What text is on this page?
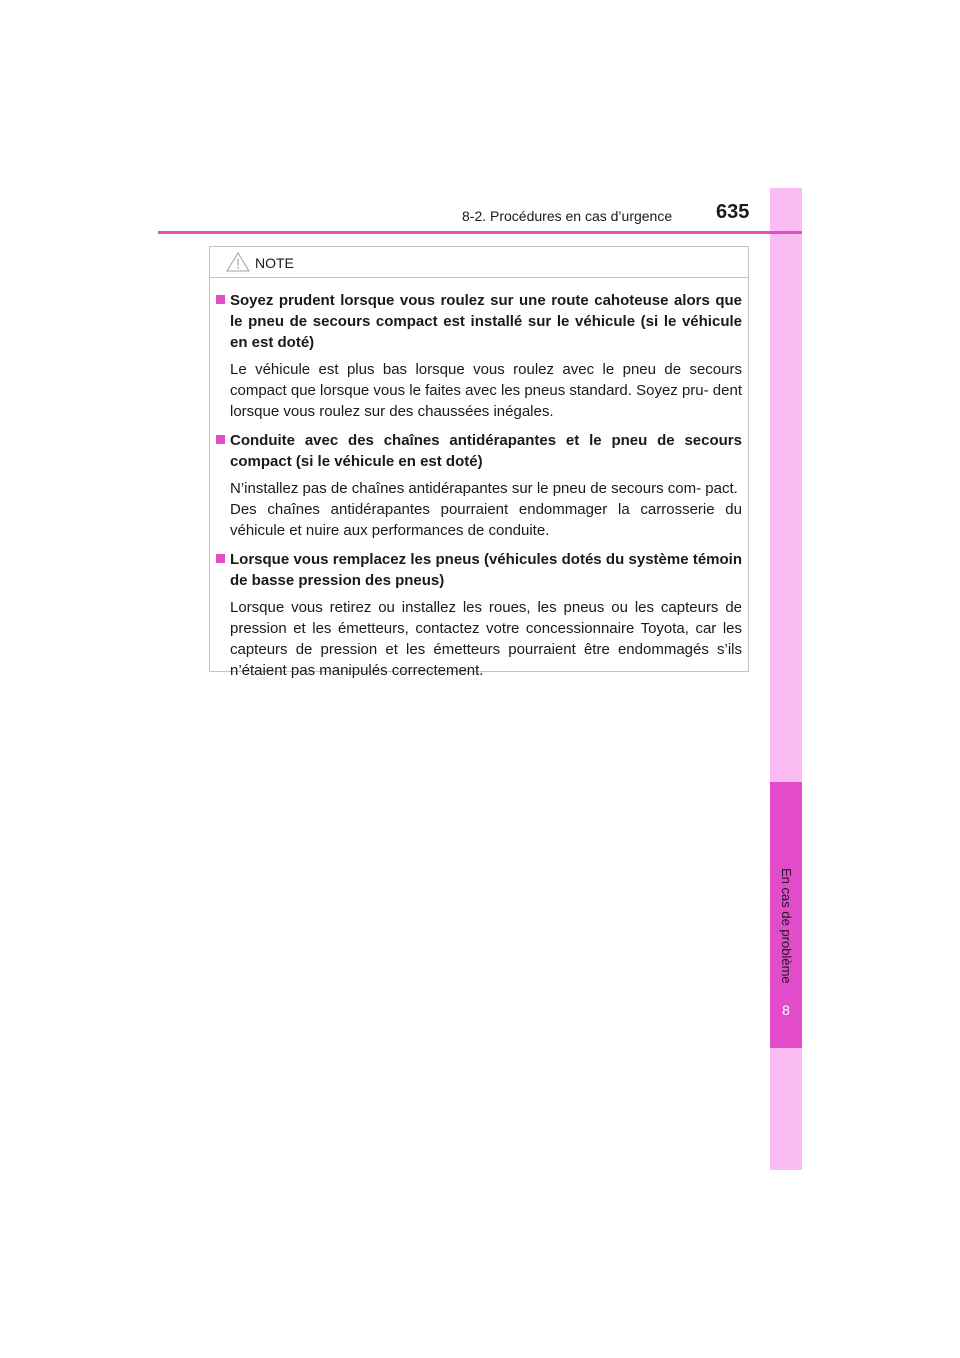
8-2. Procédures en cas d’urgence 635
8
En cas de problème
NOTE
Soyez prudent lorsque vous roulez sur une route cahoteuse alors que le pneu de secours compact est installé sur le véhicule (si le véhicule en est doté)

Le véhicule est plus bas lorsque vous roulez avec le pneu de secours compact que lorsque vous le faites avec les pneus standard. Soyez pru- dent lorsque vous roulez sur des chaussées inégales.

Conduite avec des chaînes antidérapantes et le pneu de secours compact (si le véhicule en est doté)

N’installez pas de chaînes antidérapantes sur le pneu de secours com- pact.

Des chaînes antidérapantes pourraient endommager la carrosserie du véhicule et nuire aux performances de conduite.

Lorsque vous remplacez les pneus (véhicules dotés du système témoin de basse pression des pneus)

Lorsque vous retirez ou installez les roues, les pneus ou les capteurs de pression et les émetteurs, contactez votre concessionnaire Toyota, car les capteurs de pression et les émetteurs pourraient être endommagés s’ils n’étaient pas manipulés correctement.
